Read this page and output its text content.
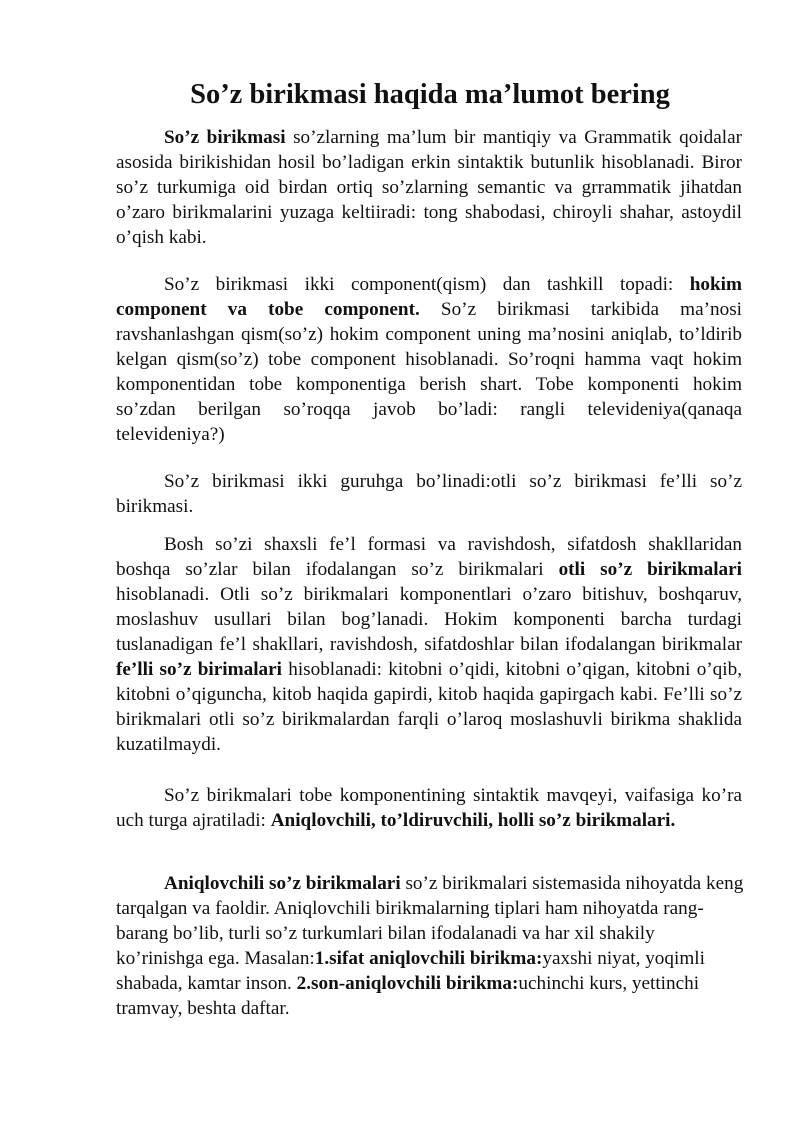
So’z birikmasi haqida ma’lumot bering

So’z birikmasi so’zlarning ma’lum bir mantiqiy va Grammatik qoidalar asosida birikishidan hosil bo’ladigan erkin sintaktik butunlik hisoblanadi. Biror so’z turkumiga oid birdan ortiq so’zlarning semantic va grrammatik jihatdan o’zaro birikmalarini yuzaga keltiiradi: tong shabodasi, chiroyli shahar, astoydil o’qish kabi.

So’z birikmasi ikki component(qism) dan tashkill topadi: hokim component va tobe component. So’z birikmasi tarkibida ma’nosi ravshanlashgan qism(so’z) hokim component uning ma’nosini aniqlab, to’ldirib kelgan qism(so’z) tobe component hisoblanadi. So’roqni hamma vaqt hokim komponentidan tobe komponentiga berish shart. Tobe komponenti hokim so’zdan berilgan so’roqqa javob bo’ladi: rangli televideniya(qanaqa televideniya?)

So’z birikmasi ikki guruhga bo’linadi:otli so’z birikmasi fe’lli so’z birikmasi.

Bosh so’zi shaxsli fe’l formasi va ravishdosh, sifatdosh shakllaridan boshqa so’zlar bilan ifodalangan so’z birikmalari otli so’z birikmalari hisoblanadi. Otli so’z birikmalari komponentlari o’zaro bitishuv, boshqaruv, moslashuv usullari bilan bog’lanadi. Hokim komponenti barcha turdagi tuslanadigan fe’l shakllari, ravishdosh, sifatdoshlar bilan ifodalangan birikmalar fe’lli so’z birimalari hisoblanadi: kitobni o’qidi, kitobni o’qigan, kitobni o’qib, kitobni o’qiguncha, kitob haqida gapirdi, kitob haqida gapirgach kabi. Fe’lli so’z birikmalari otli so’z birikmalardan farqli o’laroq moslashuvli birikma shaklida kuzatilmaydi.

So’z birikmalari tobe komponentining sintaktik mavqeyi, vaifasiga ko’ra uch turga ajratiladi: Aniqlovchili, to’ldiruvchili, holli so’z birikmalari.

Aniqlovchili so’z birikmalari so’z birikmalari sistemasida nihoyatda keng tarqalgan va faoldir. Aniqlovchili birikmalarning tiplari ham nihoyatda rang-barang bo’lib, turli so’z turkumlari bilan ifodalanadi va har xil shakily ko’rinishga ega. Masalan:1.sifat aniqlovchili birikma:yaxshi niyat, yoqimli shabada, kamtar inson. 2.son-aniqlovchili birikma:uchinchi kurs, yettinchi tramvay, beshta daftar.
